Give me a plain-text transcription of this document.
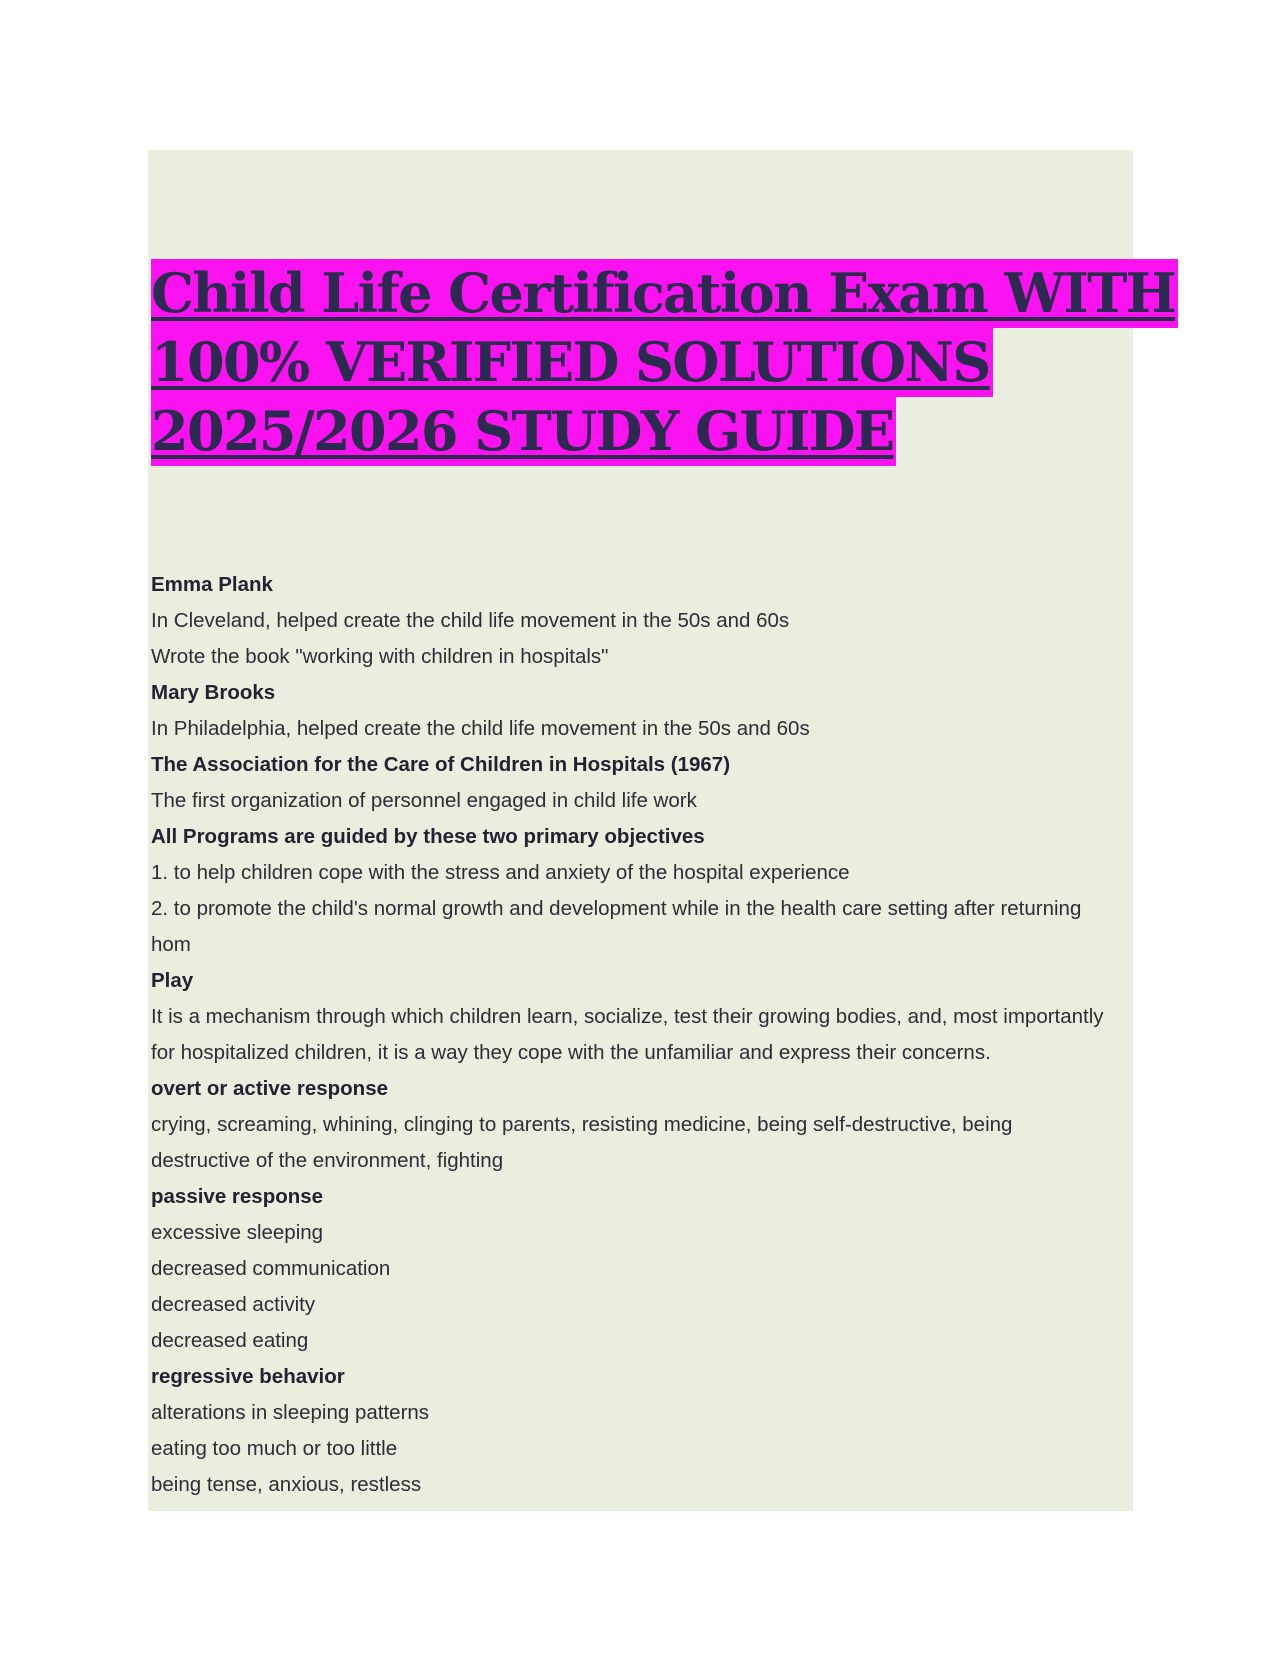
Child Life Certification Exam WITH
100% VERIFIED SOLUTIONS
2025/2026 STUDY GUIDE
Emma Plank
In Cleveland, helped create the child life movement in the 50s and 60s
Wrote the book "working with children in hospitals"
Mary Brooks
In Philadelphia, helped create the child life movement in the 50s and 60s
The Association for the Care of Children in Hospitals (1967)
The first organization of personnel engaged in child life work
All Programs are guided by these two primary objectives
1. to help children cope with the stress and anxiety of the hospital experience
2. to promote the child's normal growth and development while in the health care setting after returning
hom
Play
It is a mechanism through which children learn, socialize, test their growing bodies, and, most importantly
for hospitalized children, it is a way they cope with the unfamiliar and express their concerns.
overt or active response
crying, screaming, whining, clinging to parents, resisting medicine, being self-destructive, being
destructive of the environment, fighting
passive response
excessive sleeping
decreased communication
decreased activity
decreased eating
regressive behavior
alterations in sleeping patterns
eating too much or too little
being tense, anxious, restless
